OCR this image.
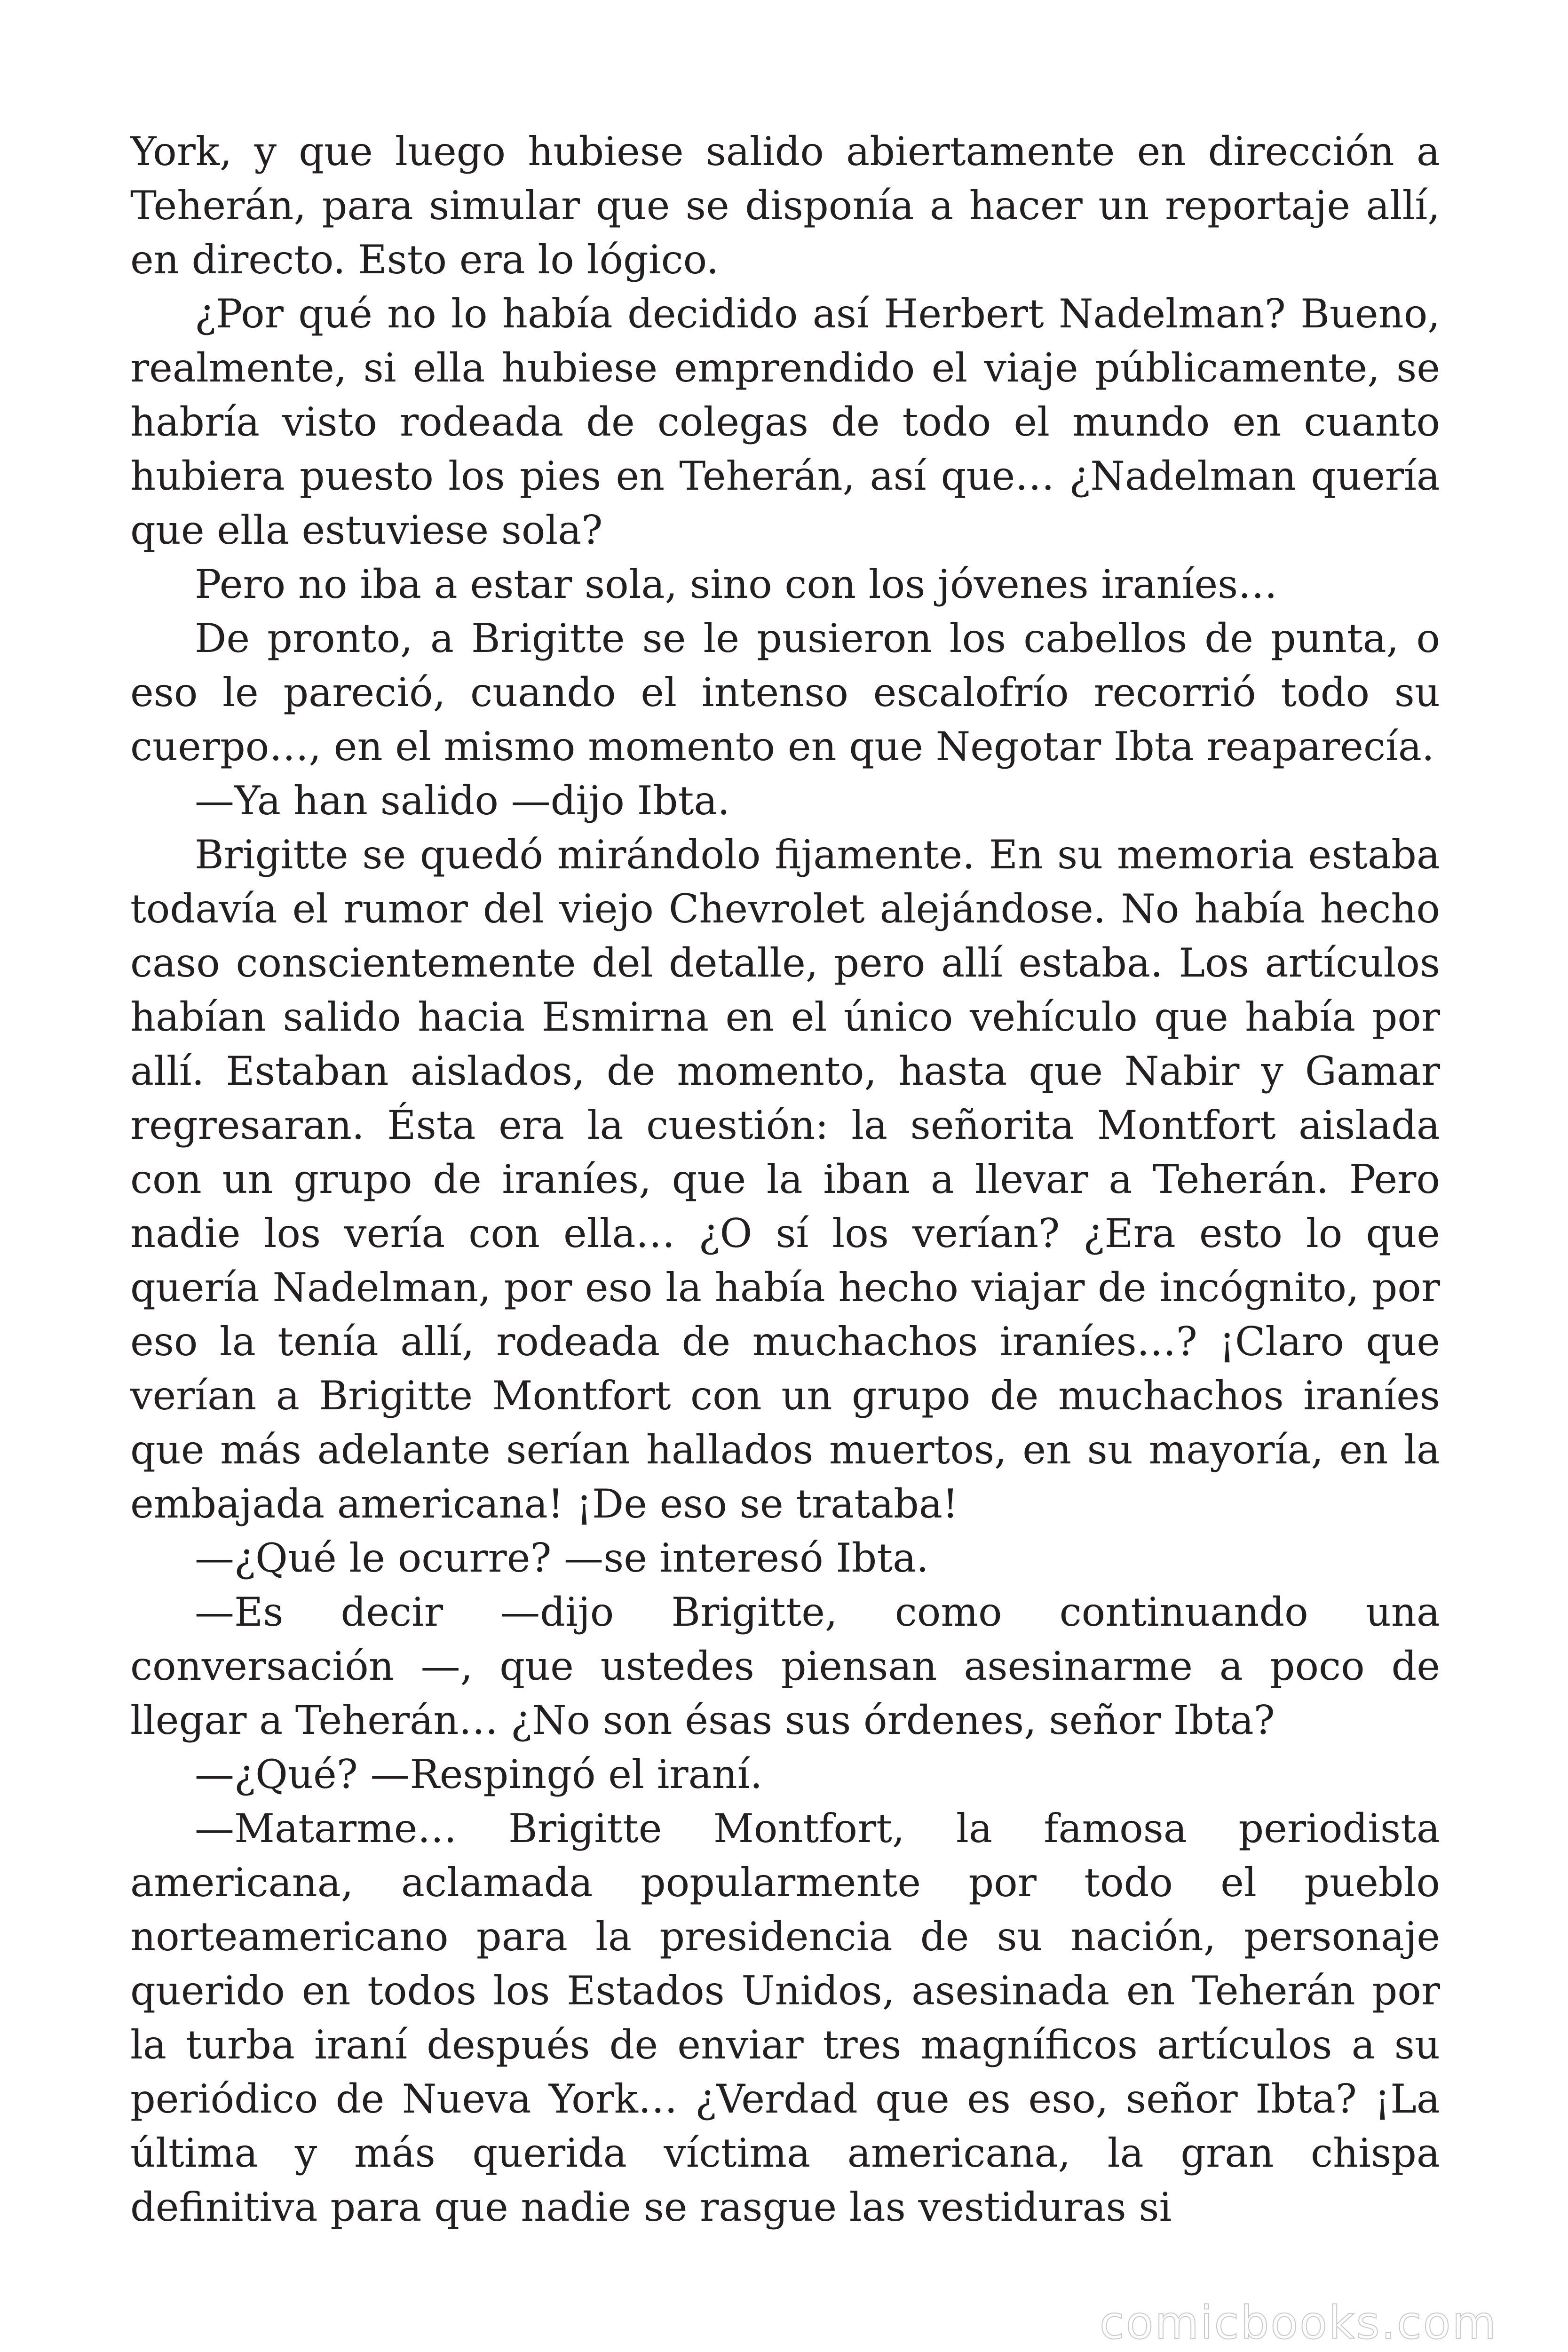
York, y que luego hubiese salido abiertamente en dirección a Teherán, para simular que se disponía a hacer un reportaje allí, en directo. Esto era lo lógico.

¿Por qué no lo había decidido así Herbert Nadelman? Bueno, realmente, si ella hubiese emprendido el viaje públicamente, se habría visto rodeada de colegas de todo el mundo en cuanto hubiera puesto los pies en Teherán, así que… ¿Nadelman quería que ella estuviese sola?

Pero no iba a estar sola, sino con los jóvenes iraníes…

De pronto, a Brigitte se le pusieron los cabellos de punta, o eso le pareció, cuando el intenso escalofrío recorrió todo su cuerpo…, en el mismo momento en que Negotar Ibta reaparecía.

—Ya han salido —dijo Ibta.

Brigitte se quedó mirándolo fijamente. En su memoria estaba todavía el rumor del viejo Chevrolet alejándose. No había hecho caso conscientemente del detalle, pero allí estaba. Los artículos habían salido hacia Esmirna en el único vehículo que había por allí. Estaban aislados, de momento, hasta que Nabir y Gamar regresaran. Ésta era la cuestión: la señorita Montfort aislada con un grupo de iraníes, que la iban a llevar a Teherán. Pero nadie los vería con ella… ¿O sí los verían? ¿Era esto lo que quería Nadelman, por eso la había hecho viajar de incógnito, por eso la tenía allí, rodeada de muchachos iraníes…? ¡Claro que verían a Brigitte Montfort con un grupo de muchachos iraníes que más adelante serían hallados muertos, en su mayoría, en la embajada americana! ¡De eso se trataba!

—¿Qué le ocurre? —se interesó Ibta.

—Es decir —dijo Brigitte, como continuando una conversación —, que ustedes piensan asesinarme a poco de llegar a Teherán… ¿No son ésas sus órdenes, señor Ibta?

—¿Qué? —Respingó el iraní.

—Matarme… Brigitte Montfort, la famosa periodista americana, aclamada popularmente por todo el pueblo norteamericano para la presidencia de su nación, personaje querido en todos los Estados Unidos, asesinada en Teherán por la turba iraní después de enviar tres magníficos artículos a su periódico de Nueva York… ¿Verdad que es eso, señor Ibta? ¡La última y más querida víctima americana, la gran chispa definitiva para que nadie se rasgue las vestiduras si

comicbooks.com
